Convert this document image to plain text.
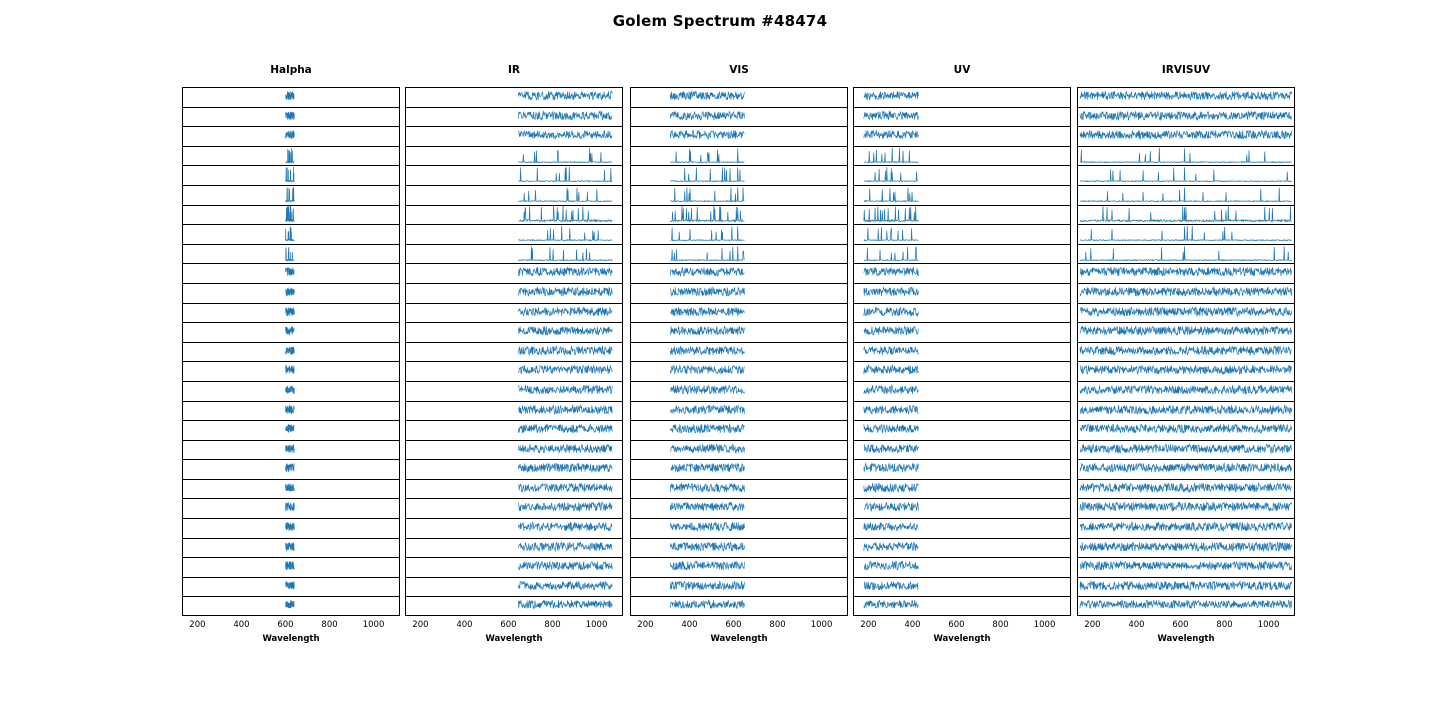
Golem Spectrum #48474
Halpha
200	400	600	800	1000
Wavelength
IR
200	400	600	800	1000
Wavelength
VIS
200	400	600	800	1000
Wavelength
UV
200	400	600	800	1000
Wavelength
IRVISUV
200	400	600	800	1000
Wavelength
